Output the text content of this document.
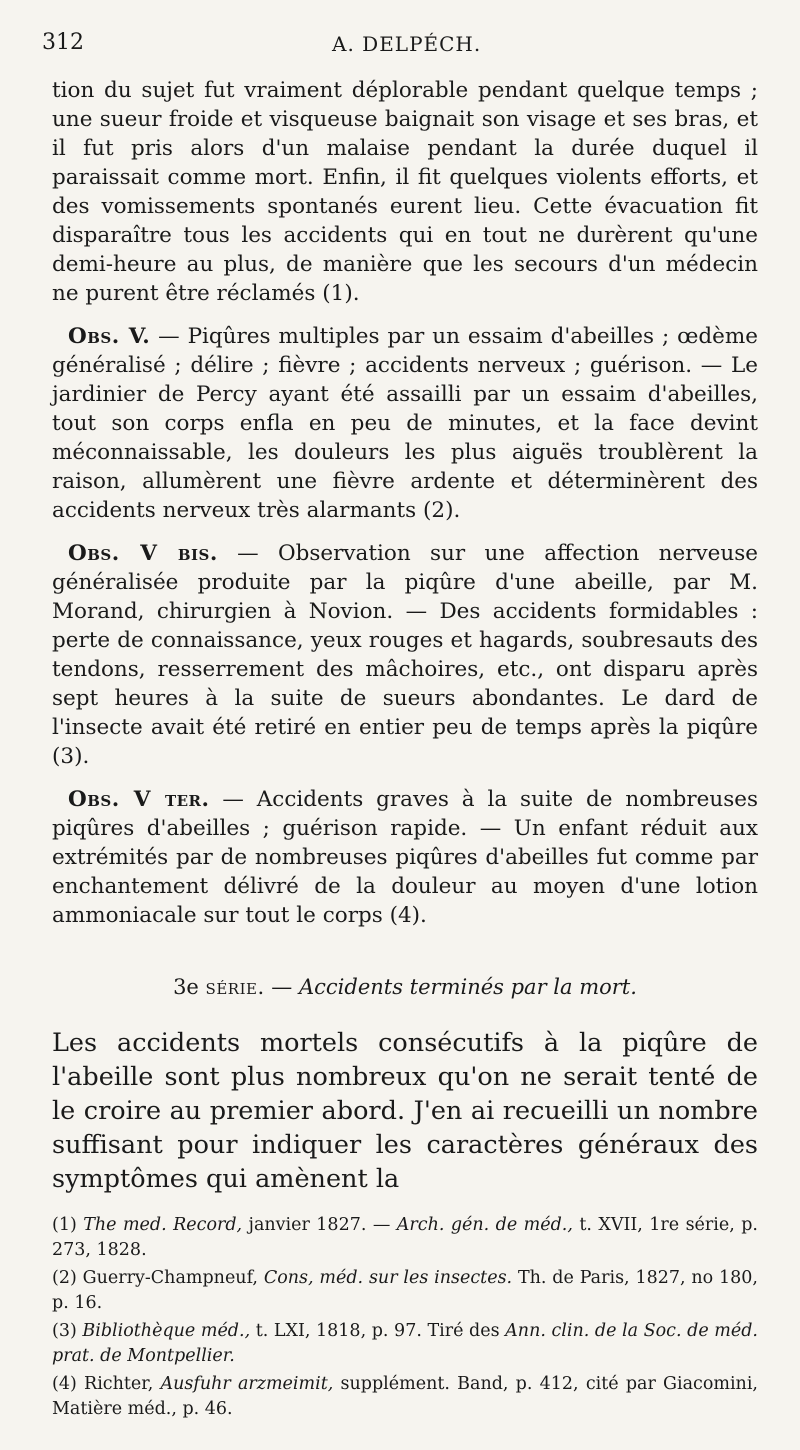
312	A. DELPÉCH.

tion du sujet fut vraiment déplorable pendant quelque temps ; une sueur froide et visqueuse baignait son visage et ses bras, et il fut pris alors d'un malaise pendant la durée duquel il paraissait comme mort. Enfin, il fit quelques violents efforts, et des vomissements spontanés eurent lieu. Cette évacuation fit disparaître tous les accidents qui en tout ne durèrent qu'une demi-heure au plus, de manière que les secours d'un médecin ne purent être réclamés (1).

Obs. V. — Piqûres multiples par un essaim d'abeilles ; œdème généralisé ; délire ; fièvre ; accidents nerveux ; guérison. — Le jardinier de Percy ayant été assailli par un essaim d'abeilles, tout son corps enfla en peu de minutes, et la face devint méconnaissable, les douleurs les plus aiguës troublèrent la raison, allumèrent une fièvre ardente et déterminèrent des accidents nerveux très alarmants (2).

Obs. V bis. — Observation sur une affection nerveuse généralisée produite par la piqûre d'une abeille, par M. Morand, chirurgien à Novion. — Des accidents formidables : perte de connaissance, yeux rouges et hagards, soubresauts des tendons, resserrement des mâchoires, etc., ont disparu après sept heures à la suite de sueurs abondantes. Le dard de l'insecte avait été retiré en entier peu de temps après la piqûre (3).

Obs. V ter. — Accidents graves à la suite de nombreuses piqûres d'abeilles ; guérison rapide. — Un enfant réduit aux extrémités par de nombreuses piqûres d'abeilles fut comme par enchantement délivré de la douleur au moyen d'une lotion ammoniacale sur tout le corps (4).

3e série. — Accidents terminés par la mort.

Les accidents mortels consécutifs à la piqûre de l'abeille sont plus nombreux qu'on ne serait tenté de le croire au premier abord. J'en ai recueilli un nombre suffisant pour indiquer les caractères généraux des symptômes qui amènent la

(1) The med. Record, janvier 1827. — Arch. gén. de méd., t. XVII, 1re série, p. 273, 1828.

(2) Guerry-Champneuf, Cons, méd. sur les insectes. Th. de Paris, 1827, no 180, p. 16.

(3) Bibliothèque méd., t. LXI, 1818, p. 97. Tiré des Ann. clin. de la Soc. de méd. prat. de Montpellier.

(4) Richter, Ausfuhr arzmeimit, supplément. Band, p. 412, cité par Giacomini, Matière méd., p. 46.
